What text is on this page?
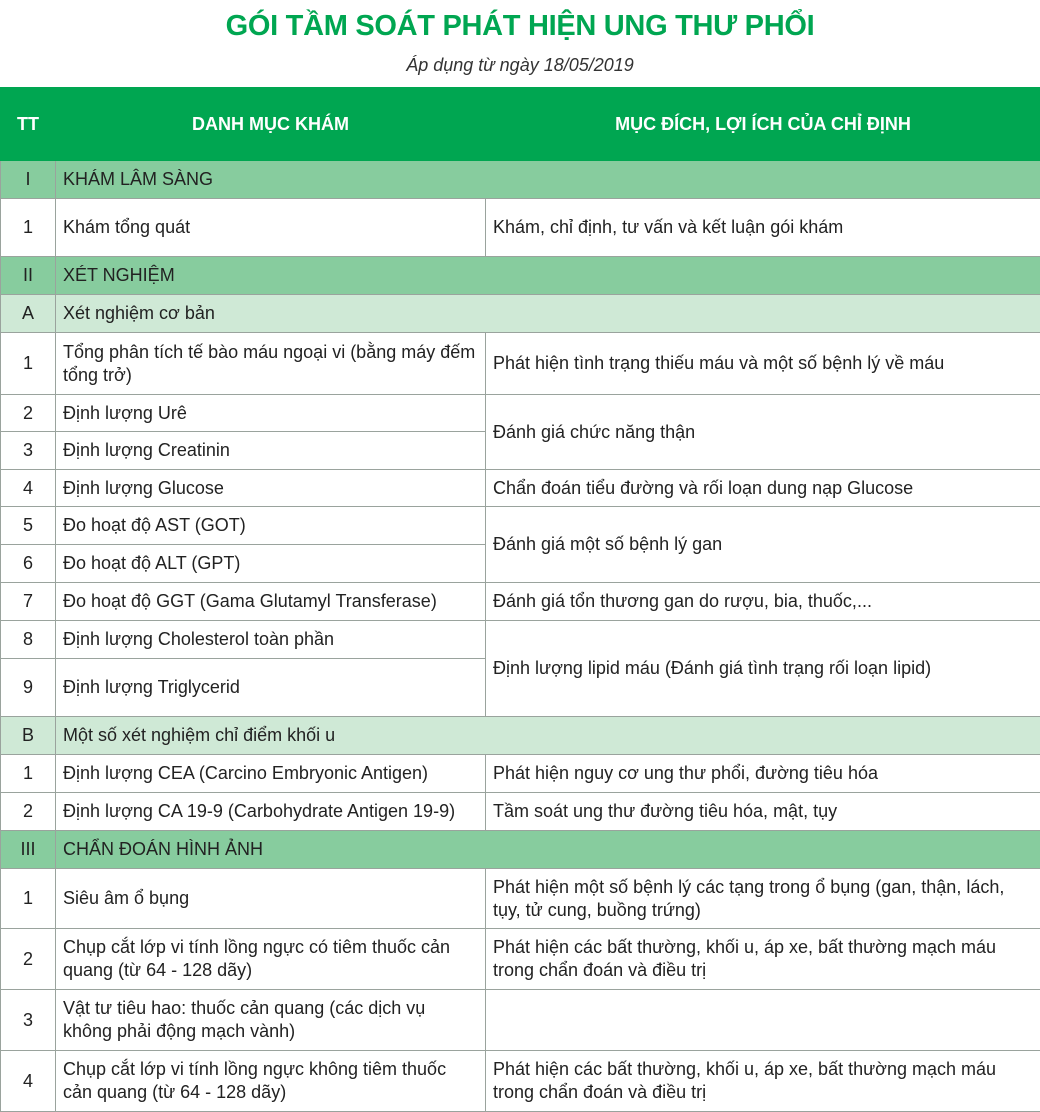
GÓI TẦM SOÁT PHÁT HIỆN UNG THƯ PHỔI
Áp dụng từ ngày 18/05/2019
TT	DANH MỤC KHÁM	MỤC ĐÍCH, LỢI ÍCH CỦA CHỈ ĐỊNH
I	KHÁM LÂM SÀNG	
1	Khám tổng quát	Khám, chỉ định, tư vấn và kết luận gói khám
II	XÉT NGHIỆM	
A	Xét nghiệm cơ bản	
1	Tổng phân tích tế bào máu ngoại vi (bằng máy đếm tổng trở)	Phát hiện tình trạng thiếu máu và một số bệnh lý về máu
2	Định lượng Urê	Đánh giá chức năng thận
3	Định lượng Creatinin	
4	Định lượng Glucose	Chẩn đoán tiểu đường và rối loạn dung nạp Glucose
5	Đo hoạt độ AST (GOT)	Đánh giá một số bệnh lý gan
6	Đo hoạt độ ALT (GPT)	
7	Đo hoạt độ GGT (Gama Glutamyl Transferase)	Đánh giá tổn thương gan do rượu, bia, thuốc,...
8	Định lượng Cholesterol toàn phần	Định lượng lipid máu (Đánh giá tình trạng rối loạn lipid)
9	Định lượng Triglycerid	
B	Một số xét nghiệm chỉ điểm khối u	
1	Định lượng CEA (Carcino Embryonic Antigen)	Phát hiện nguy cơ ung thư phổi, đường tiêu hóa
2	Định lượng CA 19-9 (Carbohydrate Antigen 19-9)	Tầm soát ung thư đường tiêu hóa, mật, tụy
III	CHẨN ĐOÁN HÌNH ẢNH	
1	Siêu âm ổ bụng	Phát hiện một số bệnh lý các tạng trong ổ bụng (gan, thận, lách, tụy, tử cung, buồng trứng)
2	Chụp cắt lớp vi tính lồng ngực có tiêm thuốc cản quang (từ 64 - 128 dãy)	Phát hiện các bất thường, khối u, áp xe, bất thường mạch máu trong chẩn đoán và điều trị
3	Vật tư tiêu hao: thuốc cản quang (các dịch vụ không phải động mạch vành)	
4	Chụp cắt lớp vi tính lồng ngực không tiêm thuốc cản quang (từ 64 - 128 dãy)	Phát hiện các bất thường, khối u, áp xe, bất thường mạch máu trong chẩn đoán và điều trị
